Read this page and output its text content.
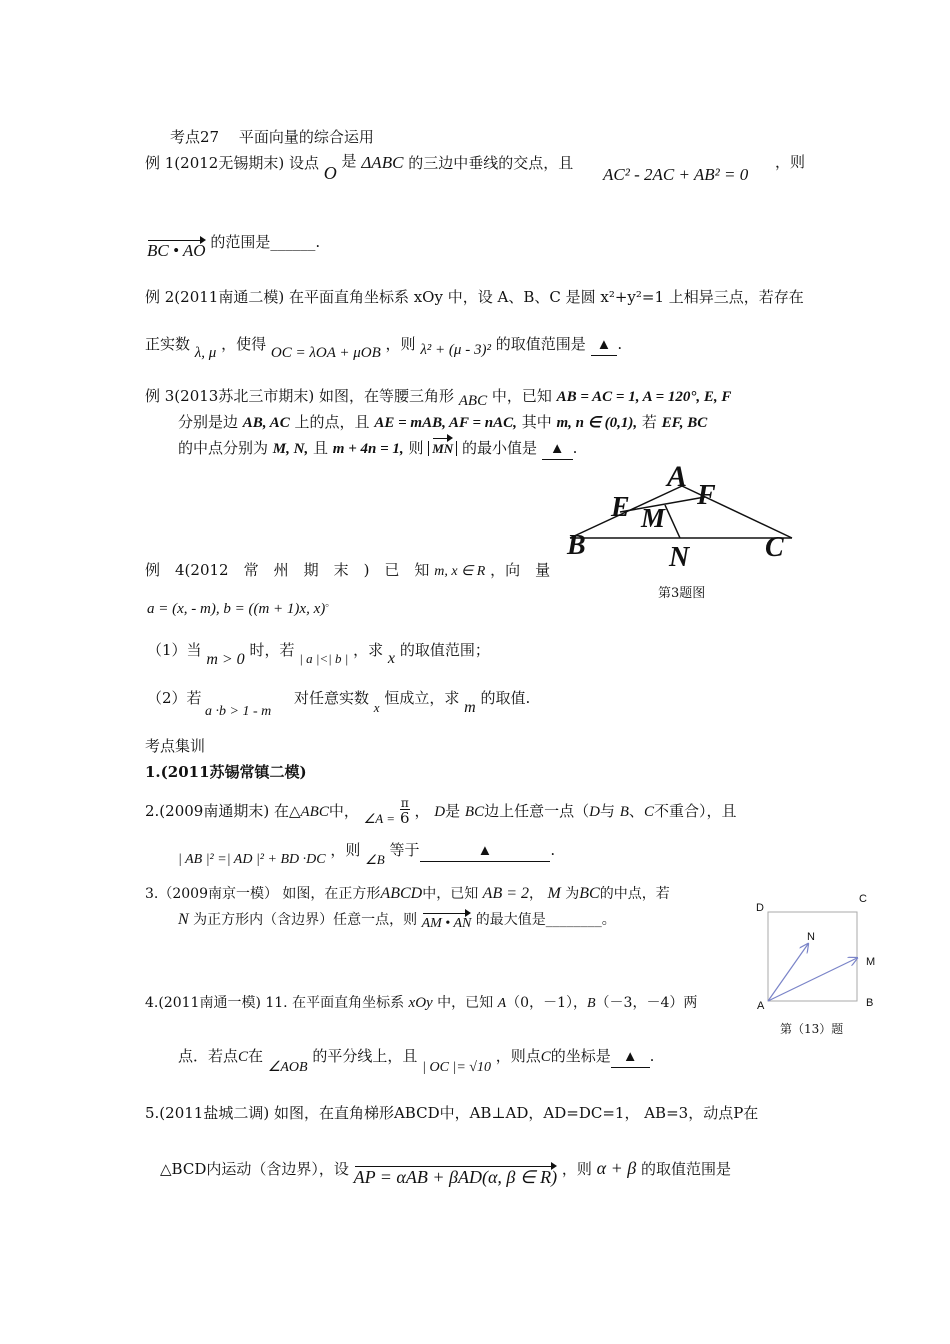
考点27　 平面向量的综合运用
例 1(2012无锡期末) 设点 O 是 ΔABC 的三边中垂线的交点，且
AC² - 2AC + AB² = 0
，则
BC • AO 的范围是______.
例 2(2011南通二模) 在平面直角坐标系 xOy 中，设 A、B、C 是圆 x²+y²=1 上相异三点，若存在
正实数 λ, μ ，使得 OC = λOA + μOB ，则 λ² + (μ - 3)² 的取值范围是 ▲ .
例 3(2013苏北三市期末) 如图，在等腰三角形 ABC 中，已知 AB = AC = 1, A = 120°, E, F
分别是边 AB, AC 上的点，且 AE = mAB, AF = nAC, 其中 m, n ∈ (0,1), 若 EF, BC
的中点分别为 M, N, 且 m + 4n = 1, 则 MN 的最小值是 ▲ .
A
F
E M
B	N	C
第3题图
例　4(2012　常　州　期　末　)　已　知 m, x ∈ R ，向　量
a = (x, - m), b = ((m + 1)x, x)。
（1）当 m > 0 时，若 | a |<| b | ，求 x 的取值范围；
（2）若
a ·b > 1 - m
对任意实数 x 恒成立，求 m 的取值.
考点集训
1.(2011苏锡常镇二模)
2.(2009南通期末) 在△ABC中， ∠A =
π
6 ， D是 BC边上任意一点（D与 B、C不重合），且
| AB |² =| AD |² + BD ·DC ，则 ∠B 等于	▲	.
3.（2009南京一模） 如图，在正方形ABCD中，已知 AB = 2， M 为BC的中点，若
N 为正方形内（含边界）任意一点，则 AM • AN 的最大值是________。
D
C
N
M
A	B
第（13）题
4.(2011南通一模) 11. 在平面直角坐标系 xOy 中，已知 A（0，－1），B（－3，－4）两
点．若点C在 ∠AOB 的平分线上，且 | OC |= √10 ，则点C的坐标是 ▲ .
5.(2011盐城二调) 如图，在直角梯形ABCD中，AB⊥AD，AD=DC=1， AB=3，动点P在
△BCD内运动（含边界），设 AP = αAB + βAD(α, β ∈ R) ，则 α + β 的取值范围是
